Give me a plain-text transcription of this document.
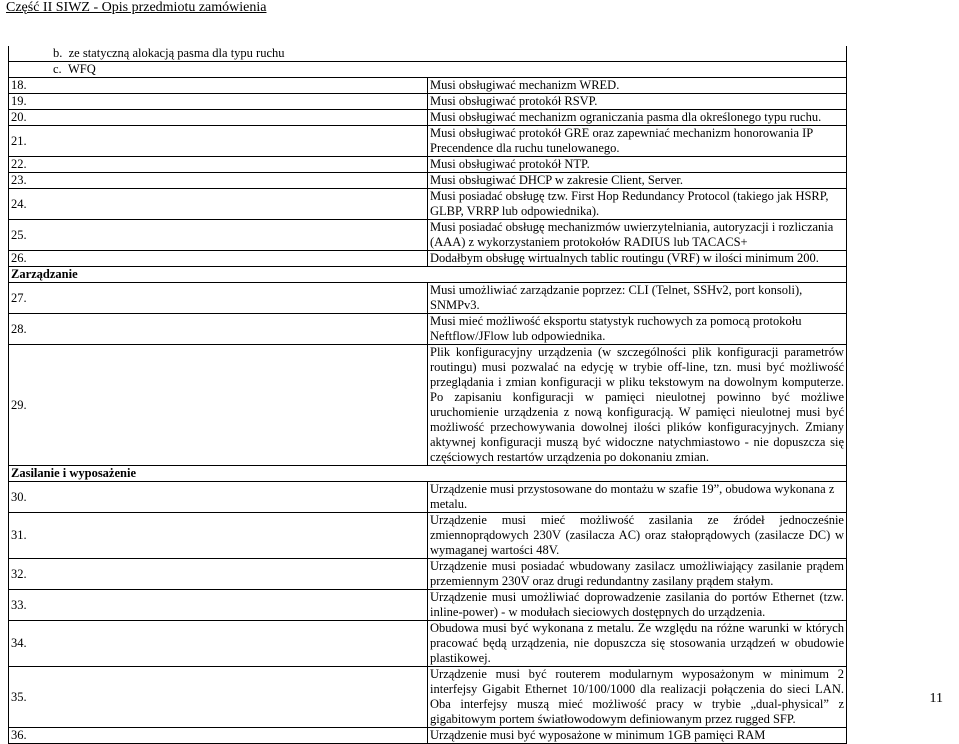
Część II SIWZ - Opis przedmiotu zamówienia
b. ze statyczną alokacją pasma dla typu ruchu	
c. WFQ	
18.	Musi obsługiwać mechanizm WRED.
19.	Musi obsługiwać protokół RSVP.
20.	Musi obsługiwać mechanizm ograniczania pasma dla określonego typu ruchu.
21.	Musi obsługiwać protokół GRE oraz zapewniać mechanizm honorowania IP Precendence dla ruchu tunelowanego.
22.	Musi obsługiwać protokół NTP.
23.	Musi obsługiwać DHCP w zakresie Client, Server.
24.	Musi posiadać obsługę tzw. First Hop Redundancy Protocol (takiego jak HSRP, GLBP, VRRP lub odpowiednika).
25.	Musi posiadać obsługę mechanizmów uwierzytelniania, autoryzacji i rozliczania (AAA) z wykorzystaniem protokołów RADIUS lub TACACS+
26.	Dodałbym obsługę wirtualnych tablic routingu (VRF) w ilości minimum 200.
Zarządzanie	
27.	Musi umożliwiać zarządzanie poprzez: CLI (Telnet, SSHv2, port konsoli), SNMPv3.
28.	Musi mieć możliwość eksportu statystyk ruchowych za pomocą protokołu Neftflow/JFlow lub odpowiednika.
29.	Plik konfiguracyjny urządzenia (w szczególności plik konfiguracji parametrów routingu) musi pozwalać na edycję w trybie off-line, tzn. musi być możliwość przeglądania i zmian konfiguracji w pliku tekstowym na dowolnym komputerze. Po zapisaniu konfiguracji w pamięci nieulotnej powinno być możliwe uruchomienie urządzenia z nową konfiguracją. W pamięci nieulotnej musi być możliwość przechowywania dowolnej ilości plików konfiguracyjnych. Zmiany aktywnej konfiguracji muszą być widoczne natychmiastowo - nie dopuszcza się częściowych restartów urządzenia po dokonaniu zmian.
Zasilanie i wyposażenie	
30.	Urządzenie musi przystosowane do montażu w szafie 19”, obudowa wykonana z metalu.
31.	Urządzenie musi mieć możliwość zasilania ze źródeł jednocześnie zmiennoprądowych 230V (zasilacza AC) oraz stałoprądowych (zasilacze DC) w wymaganej wartości 48V.
32.	Urządzenie musi posiadać wbudowany zasilacz umożliwiający zasilanie prądem przemiennym 230V oraz drugi redundantny zasilany prądem stałym.
33.	Urządzenie musi umożliwiać doprowadzenie zasilania do portów Ethernet (tzw. inline-power) - w modułach sieciowych dostępnych do urządzenia.
34.	Obudowa musi być wykonana z metalu. Ze względu na różne warunki w których pracować będą urządzenia, nie dopuszcza się stosowania urządzeń w obudowie plastikowej.
35.	Urządzenie musi być routerem modularnym wyposażonym w minimum 2 interfejsy Gigabit Ethernet 10/100/1000 dla realizacji połączenia do sieci LAN. Oba interfejsy muszą mieć możliwość pracy w trybie „dual-physical” z gigabitowym portem światłowodowym definiowanym przez rugged SFP.
36.	Urządzenie musi być wyposażone w minimum 1GB pamięci RAM
11
